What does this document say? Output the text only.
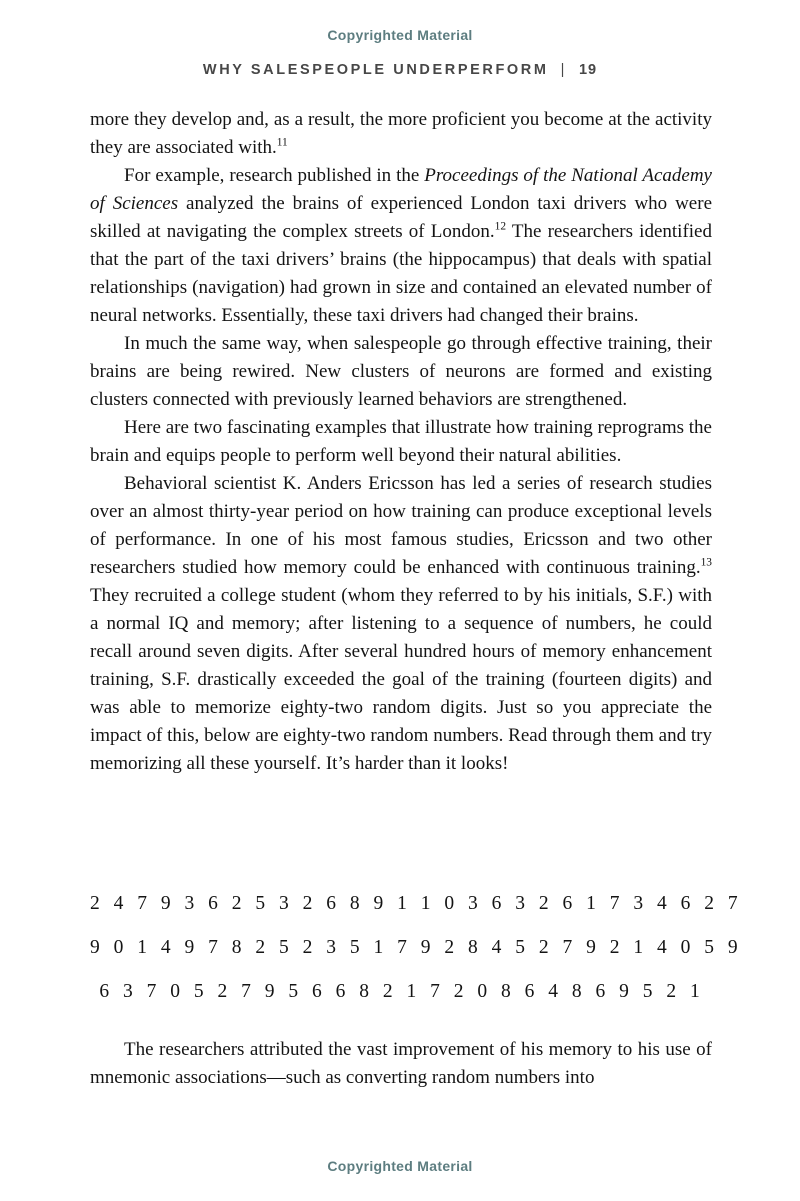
Copyrighted Material
WHY SALESPEOPLE UNDERPERFORM | 19

more they develop and, as a result, the more proficient you become at the activity they are associated with.$^{11}$

For example, research published in the Proceedings of the National Academy of Sciences analyzed the brains of experienced London taxi drivers who were skilled at navigating the complex streets of London.$^{12}$ The researchers identified that the part of the taxi drivers’ brains (the hippocampus) that deals with spatial relationships (navigation) had grown in size and contained an elevated number of neural networks. Essentially, these taxi drivers had changed their brains.

In much the same way, when salespeople go through effective training, their brains are being rewired. New clusters of neurons are formed and existing clusters connected with previously learned behaviors are strengthened.

Here are two fascinating examples that illustrate how training reprograms the brain and equips people to perform well beyond their natural abilities.

Behavioral scientist K. Anders Ericsson has led a series of research studies over an almost thirty-year period on how training can produce exceptional levels of performance. In one of his most famous studies, Ericsson and two other researchers studied how memory could be enhanced with continuous training.$^{13}$ They recruited a college student (whom they referred to by his initials, S.F.) with a normal IQ and memory; after listening to a sequence of numbers, he could recall around seven digits. After several hundred hours of memory enhancement training, S.F. drastically exceeded the goal of the training (fourteen digits) and was able to memorize eighty-two random digits. Just so you appreciate the impact of this, below are eighty-two random numbers. Read through them and try memorizing all these yourself. It’s harder than it looks!

2 4 7 9 3 6 2 5 3 2 6 8 9 1 1 0 3 6 3 2 6 1 7 3 4 6 2 7
9 0 1 4 9 7 8 2 5 2 3 5 1 7 9 2 8 4 5 2 7 9 2 1 4 0 5 9
6 3 7 0 5 2 7 9 5 6 6 8 2 1 7 2 0 8 6 4 8 6 9 5 2 1

The researchers attributed the vast improvement of his memory to his use of mnemonic associations—such as converting random numbers into

Copyrighted Material
